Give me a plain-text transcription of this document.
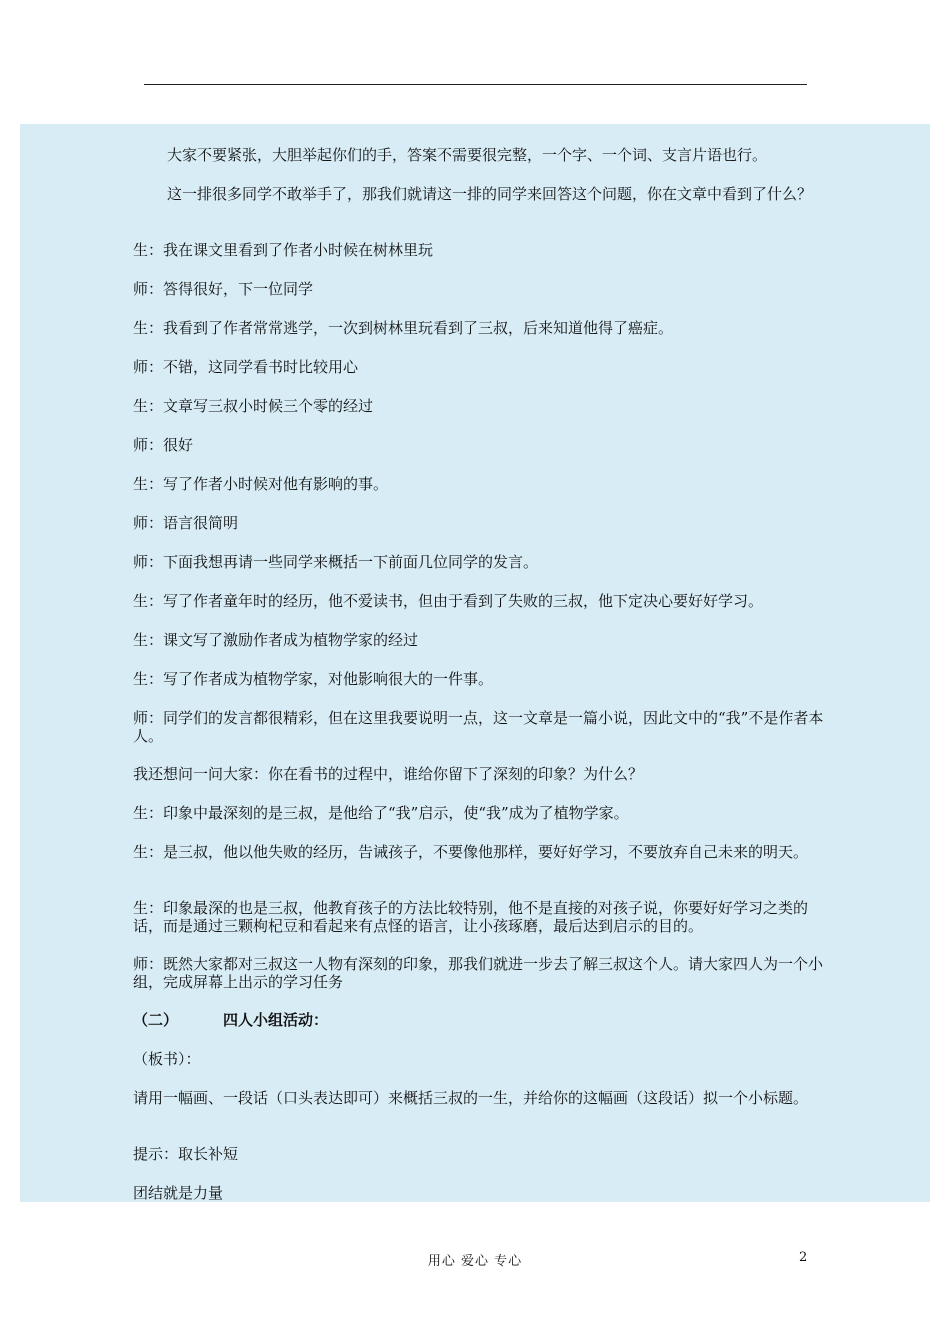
大家不要紧张，大胆举起你们的手，答案不需要很完整，一个字、一个词、支言片语也行。

这一排很多同学不敢举手了，那我们就请这一排的同学来回答这个问题，你在文章中看到了什么？

生：我在课文里看到了作者小时候在树林里玩

师：答得很好，下一位同学

生：我看到了作者常常逃学，一次到树林里玩看到了三叔，后来知道他得了癌症。

师：不错，这同学看书时比较用心

生：文章写三叔小时候三个零的经过

师：很好

生：写了作者小时候对他有影响的事。

师：语言很简明

师：下面我想再请一些同学来概括一下前面几位同学的发言。

生：写了作者童年时的经历，他不爱读书，但由于看到了失败的三叔，他下定决心要好好学习。

生：课文写了激励作者成为植物学家的经过

生：写了作者成为植物学家，对他影响很大的一件事。

师：同学们的发言都很精彩，但在这里我要说明一点，这一文章是一篇小说，因此文中的“我”不是作者本人。

我还想问一问大家：你在看书的过程中，谁给你留下了深刻的印象？为什么？

生：印象中最深刻的是三叔，是他给了“我”启示，使“我”成为了植物学家。

生：是三叔，他以他失败的经历，告诫孩子，不要像他那样，要好好学习，不要放弃自己未来的明天。

生：印象最深的也是三叔，他教育孩子的方法比较特别，他不是直接的对孩子说，你要好好学习之类的话，而是通过三颗枸杞豆和看起来有点怪的语言，让小孩琢磨，最后达到启示的目的。

师：既然大家都对三叔这一人物有深刻的印象，那我们就进一步去了解三叔这个人。请大家四人为一个小组，完成屏幕上出示的学习任务

（二）	四人小组活动：

（板书）：

请用一幅画、一段话（口头表达即可）来概括三叔的一生，并给你的这幅画（这段话）拟一个小标题。

提示：取长补短

团结就是力量

用心 爱心 专心	2
